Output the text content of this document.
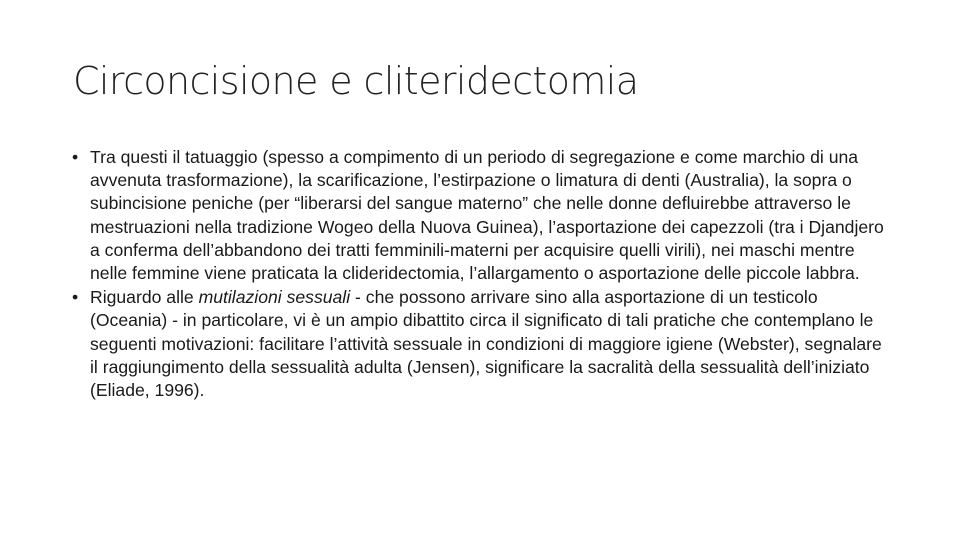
Circoncisione e cliteridectomia
•
Tra questi il tatuaggio (spesso a compimento di un periodo di segregazione e come marchio di una avvenuta trasformazione), la scarificazione, l’estirpazione o limatura di denti (Australia), la sopra o subincisione peniche (per “liberarsi del sangue materno” che nelle donne defluirebbe attraverso le mestruazioni nella tradizione Wogeo della Nuova Guinea), l’asportazione dei capezzoli (tra i Djandjero a conferma dell’abbandono dei tratti femminili-materni per acquisire quelli virili), nei maschi mentre nelle femmine viene praticata la clideridectomia, l’allargamento o asportazione delle piccole labbra.
•
Riguardo alle mutilazioni sessuali - che possono arrivare sino alla asportazione di un testicolo (Oceania) - in particolare, vi è un ampio dibattito circa il significato di tali pratiche che contemplano le seguenti motivazioni: facilitare l’attività sessuale in condizioni di maggiore igiene (Webster), segnalare il raggiungimento della sessualità adulta (Jensen), significare la sacralità della sessualità dell’iniziato (Eliade, 1996).
